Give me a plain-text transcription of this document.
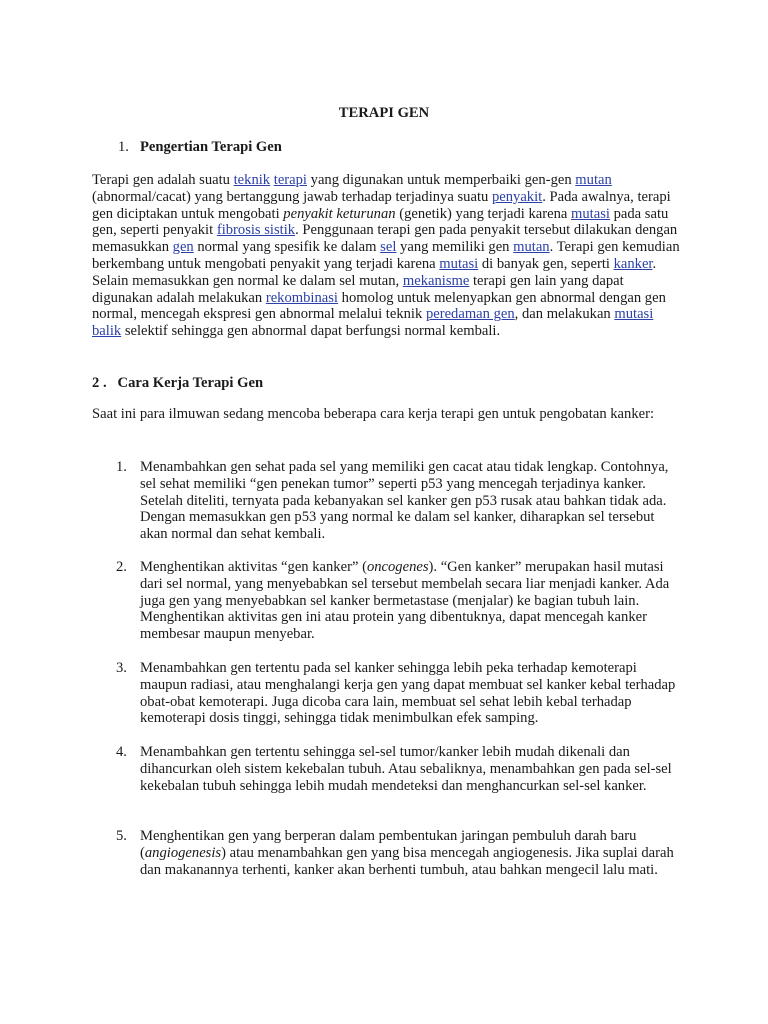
TERAPI GEN
1. Pengertian Terapi Gen
Terapi gen adalah suatu teknik terapi yang digunakan untuk memperbaiki gen-gen mutan (abnormal/cacat) yang bertanggung jawab terhadap terjadinya suatu penyakit. Pada awalnya, terapi gen diciptakan untuk mengobati penyakit keturunan (genetik) yang terjadi karena mutasi pada satu gen, seperti penyakit fibrosis sistik. Penggunaan terapi gen pada penyakit tersebut dilakukan dengan memasukkan gen normal yang spesifik ke dalam sel yang memiliki gen mutan. Terapi gen kemudian berkembang untuk mengobati penyakit yang terjadi karena mutasi di banyak gen, seperti kanker. Selain memasukkan gen normal ke dalam sel mutan, mekanisme terapi gen lain yang dapat digunakan adalah melakukan rekombinasi homolog untuk melenyapkan gen abnormal dengan gen normal, mencegah ekspresi gen abnormal melalui teknik peredaman gen, dan melakukan mutasi balik selektif sehingga gen abnormal dapat berfungsi normal kembali.
2 .   Cara Kerja Terapi Gen
Saat ini para ilmuwan sedang mencoba beberapa cara kerja terapi gen untuk pengobatan kanker:
1. Menambahkan gen sehat pada sel yang memiliki gen cacat atau tidak lengkap. Contohnya, sel sehat memiliki “gen penekan tumor” seperti p53 yang mencegah terjadinya kanker. Setelah diteliti, ternyata pada kebanyakan sel kanker gen p53 rusak atau bahkan tidak ada. Dengan memasukkan gen p53 yang normal ke dalam sel kanker, diharapkan sel tersebut akan normal dan sehat kembali.
2. Menghentikan aktivitas “gen kanker” (oncogenes). “Gen kanker” merupakan hasil mutasi dari sel normal, yang menyebabkan sel tersebut membelah secara liar menjadi kanker. Ada juga gen yang menyebabkan sel kanker bermetastase (menjalar) ke bagian tubuh lain. Menghentikan aktivitas gen ini atau protein yang dibentuknya, dapat mencegah kanker membesar maupun menyebar.
3. Menambahkan gen tertentu pada sel kanker sehingga lebih peka terhadap kemoterapi maupun radiasi, atau menghalangi kerja gen yang dapat membuat sel kanker kebal terhadap obat-obat kemoterapi. Juga dicoba cara lain, membuat sel sehat lebih kebal terhadap kemoterapi dosis tinggi, sehingga tidak menimbulkan efek samping.
4. Menambahkan gen tertentu sehingga sel-sel tumor/kanker lebih mudah dikenali dan dihancurkan oleh sistem kekebalan tubuh. Atau sebaliknya, menambahkan gen pada sel-sel kekebalan tubuh sehingga lebih mudah mendeteksi dan menghancurkan sel-sel kanker.
5. Menghentikan gen yang berperan dalam pembentukan jaringan pembuluh darah baru (angiogenesis) atau menambahkan gen yang bisa mencegah angiogenesis. Jika suplai darah dan makanannya terhenti, kanker akan berhenti tumbuh, atau bahkan mengecil lalu mati.
